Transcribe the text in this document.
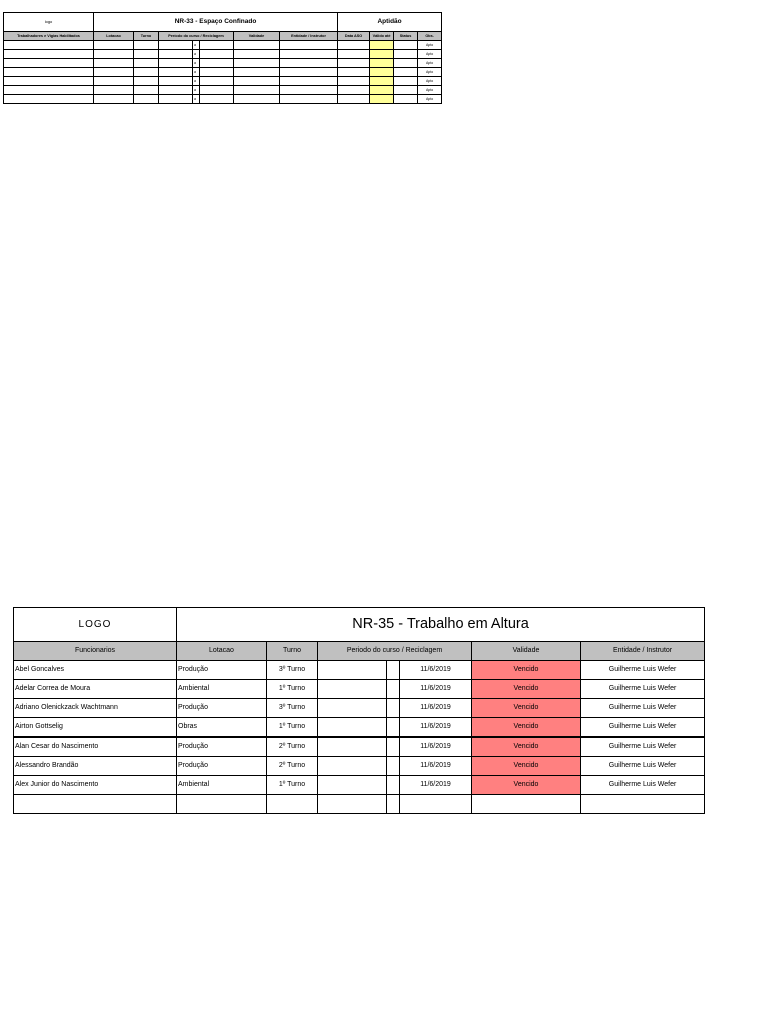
logo	NR-33 - Espaço Confinado							Aptidão			
Trabalhadores e Vigias Habilitados	Lotacao	Turno	Período do curso / Reciclagem			Validade	Entidade / Instrutor	Data ASO	Válido até	Status	Obs.
				a							Apto
				a							Apto
				a							Apto
				a							Apto
				a							Apto
				a							Apto
				a							Apto
LOGO	NR-35 - Trabalho em Altura						
Funcionarios	Lotacao	Turno	Periodo do curso / Reciclagem			Validade	Entidade / Instrutor
Abel Goncalves	Produção	3º Turno			11/6/2019	Vencido	Guilherme Luis Wefer
Adelar Correa de Moura	Ambiental	1º Turno			11/6/2019	Vencido	Guilherme Luis Wefer
Adriano Olenickzack Wachtmann	Produção	3º Turno			11/6/2019	Vencido	Guilherme Luis Wefer
Airton Gottselig	Obras	1º Turno			11/6/2019	Vencido	Guilherme Luis Wefer
Alan Cesar do Nascimento	Produção	2º Turno			11/6/2019	Vencido	Guilherme Luis Wefer
Alessandro Brandão	Produção	2º Turno			11/6/2019	Vencido	Guilherme Luis Wefer
Alex Junior do Nascimento	Ambiental	1º Turno			11/6/2019	Vencido	Guilherme Luis Wefer
